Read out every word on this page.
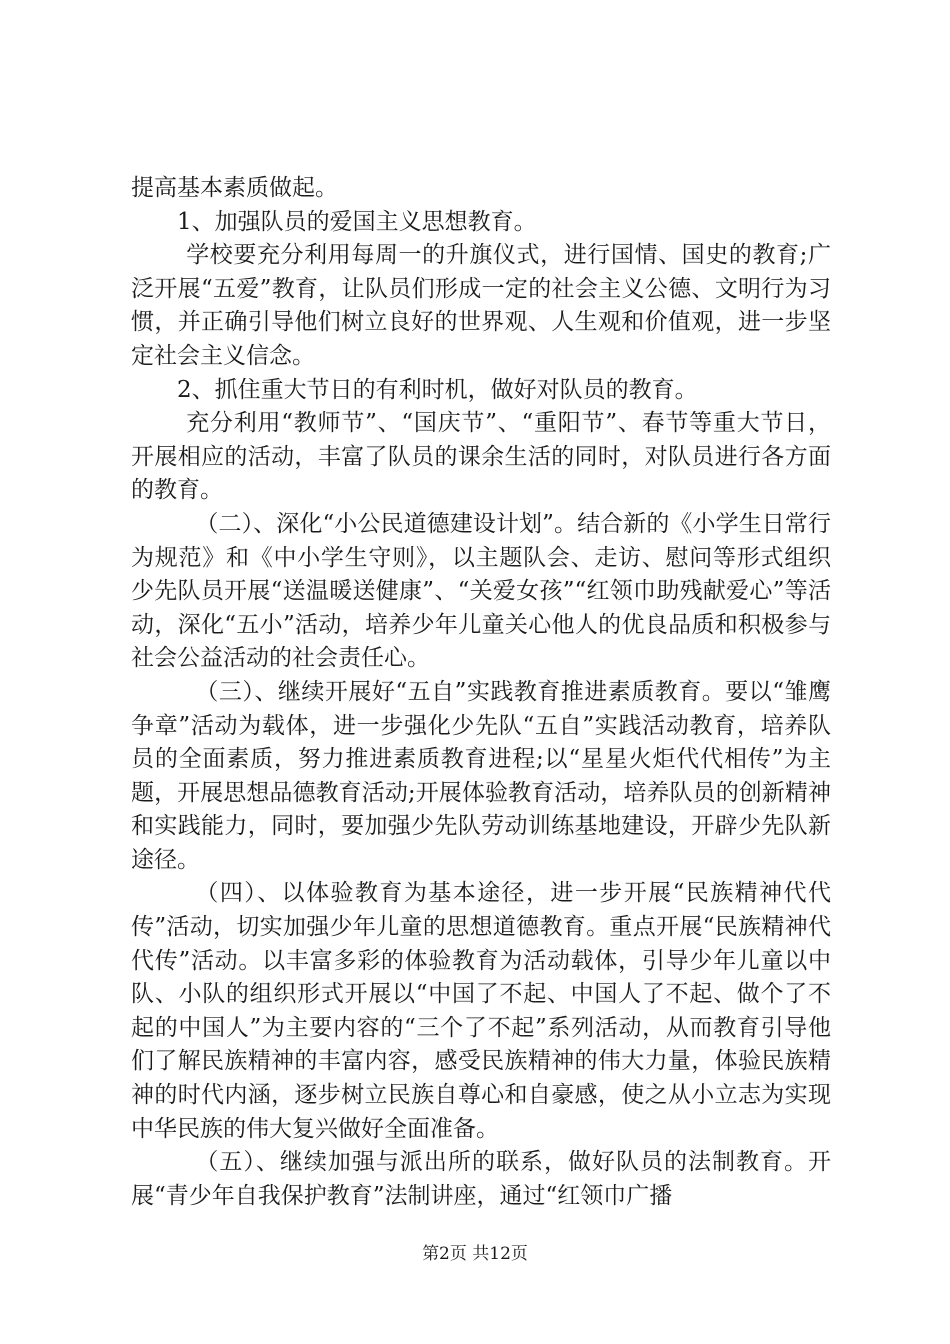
提高基本素质做起。

1、加强队员的爱国主义思想教育。

学校要充分利用每周一的升旗仪式，进行国情、国史的教育;广泛开展“五爱”教育，让队员们形成一定的社会主义公德、文明行为习惯，并正确引导他们树立良好的世界观、人生观和价值观，进一步坚定社会主义信念。

2、抓住重大节日的有利时机，做好对队员的教育。

充分利用“教师节”、“国庆节”、“重阳节”、春节等重大节日，开展相应的活动，丰富了队员的课余生活的同时，对队员进行各方面的教育。

（二）、深化“小公民道德建设计划”。结合新的《小学生日常行为规范》和《中小学生守则》，以主题队会、走访、慰问等形式组织少先队员开展“送温暖送健康”、“关爱女孩”“红领巾助残献爱心”等活动，深化“五小”活动，培养少年儿童关心他人的优良品质和积极参与社会公益活动的社会责任心。

（三）、继续开展好“五自”实践教育推进素质教育。要以“雏鹰争章”活动为载体，进一步强化少先队“五自”实践活动教育，培养队员的全面素质，努力推进素质教育进程;以“星星火炬代代相传”为主题，开展思想品德教育活动;开展体验教育活动，培养队员的创新精神和实践能力，同时，要加强少先队劳动训练基地建设，开辟少先队新途径。

（四）、以体验教育为基本途径，进一步开展“民族精神代代传”活动，切实加强少年儿童的思想道德教育。重点开展“民族精神代代传”活动。以丰富多彩的体验教育为活动载体，引导少年儿童以中队、小队的组织形式开展以“中国了不起、中国人了不起、做个了不起的中国人”为主要内容的“三个了不起”系列活动，从而教育引导他们了解民族精神的丰富内容，感受民族精神的伟大力量，体验民族精神的时代内涵，逐步树立民族自尊心和自豪感，使之从小立志为实现中华民族的伟大复兴做好全面准备。

（五）、继续加强与派出所的联系，做好队员的法制教育。开展“青少年自我保护教育”法制讲座，通过“红领巾广播

第2页 共12页
